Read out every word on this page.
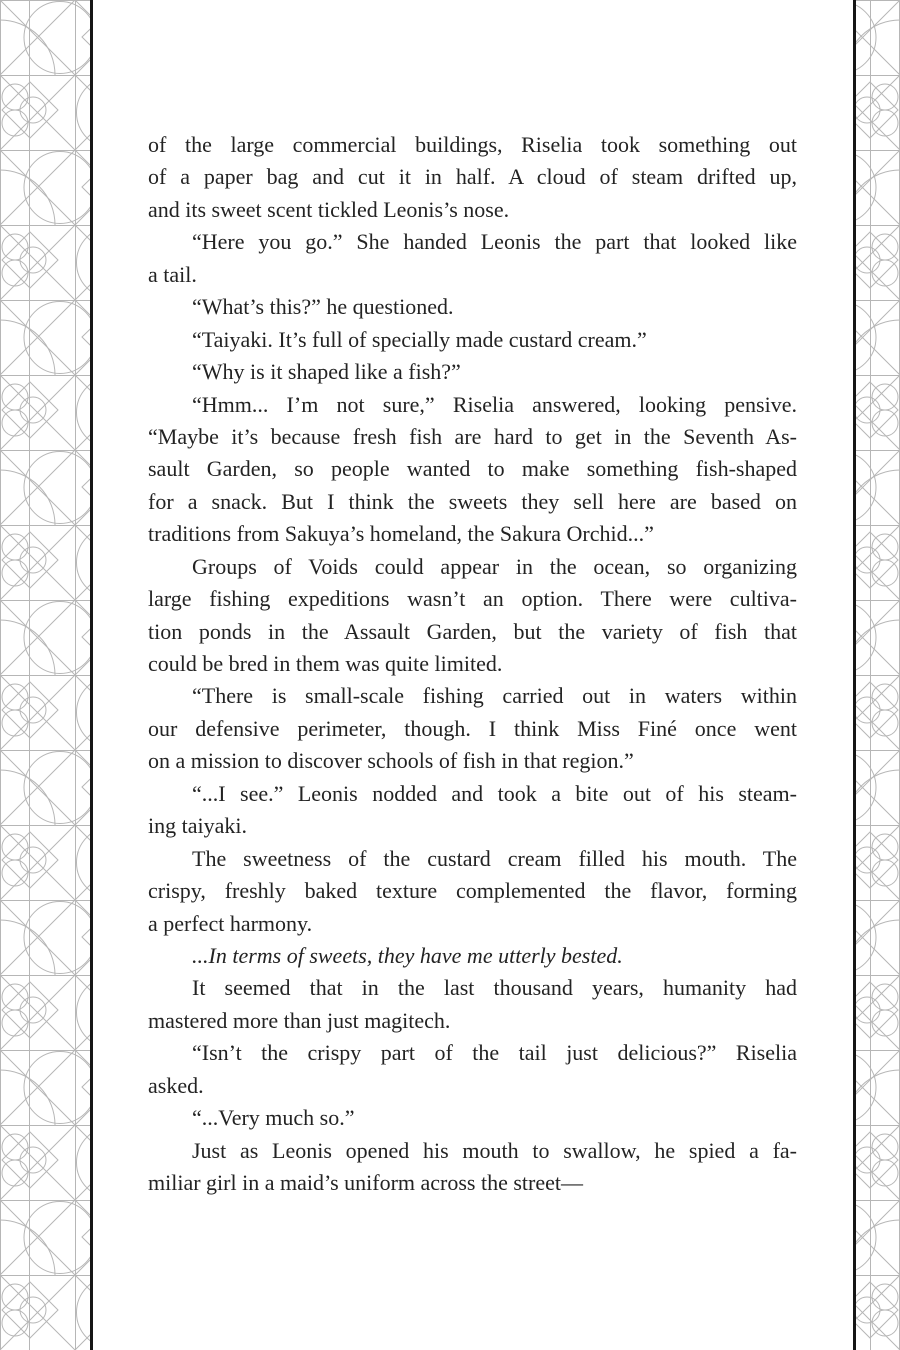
of the large commercial buildings, Riselia took something out
of a paper bag and cut it in half. A cloud of steam drifted up,
and its sweet scent tickled Leonis’s nose.
“Here you go.” She handed Leonis the part that looked like
a tail.
“What’s this?” he questioned.
“Taiyaki. It’s full of specially made custard cream.”
“Why is it shaped like a fish?”
“Hmm... I’m not sure,” Riselia answered, looking pensive.
“Maybe it’s because fresh fish are hard to get in the Seventh As-
sault Garden, so people wanted to make something fish-shaped
for a snack. But I think the sweets they sell here are based on
traditions from Sakuya’s homeland, the Sakura Orchid...”
Groups of Voids could appear in the ocean, so organizing
large fishing expeditions wasn’t an option. There were cultiva-
tion ponds in the Assault Garden, but the variety of fish that
could be bred in them was quite limited.
“There is small-scale fishing carried out in waters within
our defensive perimeter, though. I think Miss Finé once went
on a mission to discover schools of fish in that region.”
“...I see.” Leonis nodded and took a bite out of his steam-
ing taiyaki.
The sweetness of the custard cream filled his mouth. The
crispy, freshly baked texture complemented the flavor, forming
a perfect harmony.
...In terms of sweets, they have me utterly bested.
It seemed that in the last thousand years, humanity had
mastered more than just magitech.
“Isn’t the crispy part of the tail just delicious?” Riselia
asked.
“...Very much so.”
Just as Leonis opened his mouth to swallow, he spied a fa-
miliar girl in a maid’s uniform across the street—
